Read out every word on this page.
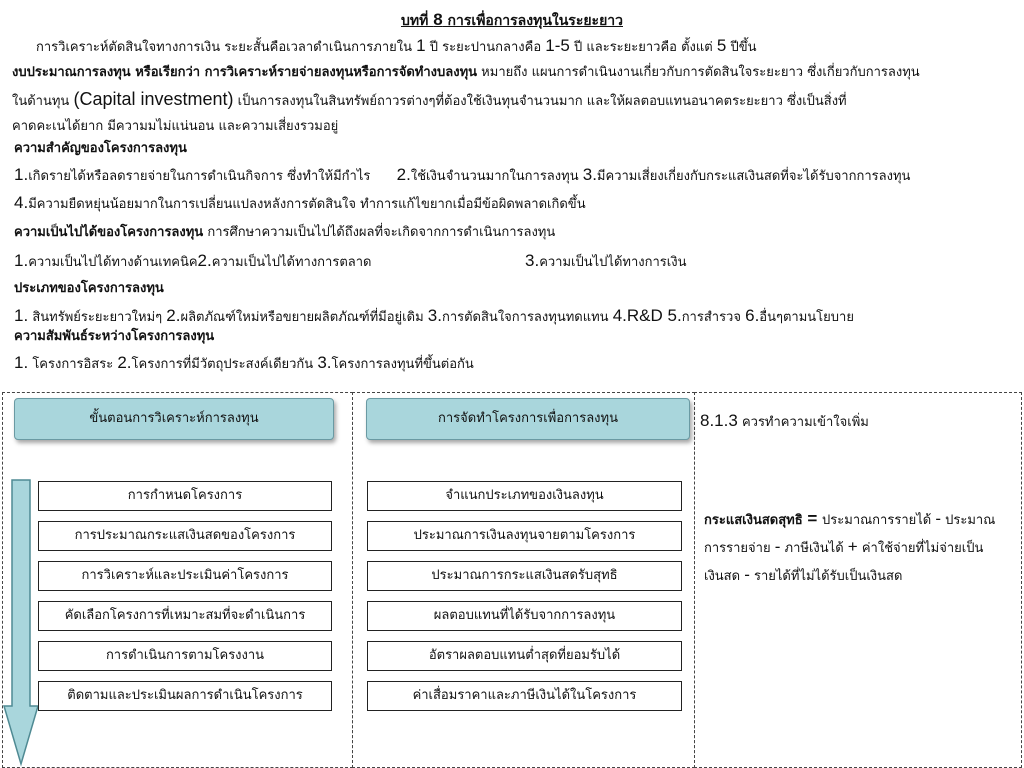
บทที่ 8 การเพื่อการลงทุนในระยะยาว
การวิเคราะห์ตัดสินใจทางการเงิน ระยะสั้นคือเวลาดำเนินการภายใน 1 ปี ระยะปานกลางคือ 1-5 ปี และระยะยาวคือ ตั้งแต่ 5 ปีขึ้น
งบประมาณการลงทุน หรือเรียกว่า การวิเคราะห์รายจ่ายลงทุนหรือการจัดทำงบลงทุน หมายถึง แผนการดำเนินงานเกี่ยวกับการตัดสินใจระยะยาว ซึ่งเกี่ยวกับการลงทุน
ในด้านทุน (Capital investment) เป็นการลงทุนในสินทรัพย์ถาวรต่างๆที่ต้องใช้เงินทุนจำนวนมาก และให้ผลตอบแทนอนาคตระยะยาว ซึ่งเป็นสิ่งที่
คาดคะเนได้ยาก มีความมไม่แน่นอน และความเสี่ยงรวมอยู่
ความสำคัญของโครงการลงทุน
1.เกิดรายได้หรือลดรายจ่ายในการดำเนินกิจการ ซึ่งทำให้มีกำไร 2.ใช้เงินจำนวนมากในการลงทุน 3.มีความเสี่ยงเกี่ยงกับกระแสเงินสดที่จะได้รับจากการลงทุน
4.มีความยืดหยุ่นน้อยมากในการเปลี่ยนแปลงหลังการตัดสินใจ ทำการแก้ไขยากเมื่อมีข้อผิดพลาดเกิดขึ้น
ความเป็นไปได้ของโครงการลงทุน การศึกษาความเป็นไปได้ถึงผลที่จะเกิดจากการดำเนินการลงทุน
1.ความเป็นไปได้ทางด้านเทคนิค2.ความเป็นไปได้ทางการตลาด	3.ความเป็นไปได้ทางการเงิน
ประเภทของโครงการลงทุน
1. สินทรัพย์ระยะยาวใหม่ๆ 2.ผลิตภัณฑ์ใหม่หรือขยายผลิตภัณฑ์ที่มีอยู่เดิม 3.การตัดสินใจการลงทุนทดแทน 4.R&D 5.การสำรวจ 6.อื่นๆตามนโยบาย
ความสัมพันธ์ระหว่างโครงการลงทุน
1. โครงการอิสระ 2.โครงการที่มีวัตถุประสงค์เดียวกัน 3.โครงการลงทุนที่ขึ้นต่อกัน
ขั้นตอนการวิเคราะห์การลงทุน
การกำหนดโครงการ
การประมาณกระแสเงินสดของโครงการ
การวิเคราะห์และประเมินค่าโครงการ
คัดเลือกโครงการที่เหมาะสมที่จะดำเนินการ
การดำเนินการตามโครงงาน
ติดตามและประเมินผลการดำเนินโครงการ
การจัดทำโครงการเพื่อการลงทุน
จำแนกประเภทของเงินลงทุน
ประมาณการเงินลงทุนจายตามโครงการ
ประมาณการกระแสเงินสดรับสุทธิ
ผลตอบแทนที่ได้รับจากการลงทุน
อัตราผลตอบแทนต่ำสุดที่ยอมรับได้
ค่าเสื่อมราคาและภาษีเงินได้ในโครงการ
8.1.3 ควรทำความเข้าใจเพิ่ม
กระแสเงินสดสุทธิ = ประมาณการรายได้ - ประมาณการรายจ่าย - ภาษีเงินได้ + ค่าใช้จ่ายที่ไม่จ่ายเป็นเงินสด - รายได้ที่ไม่ได้รับเป็นเงินสด
